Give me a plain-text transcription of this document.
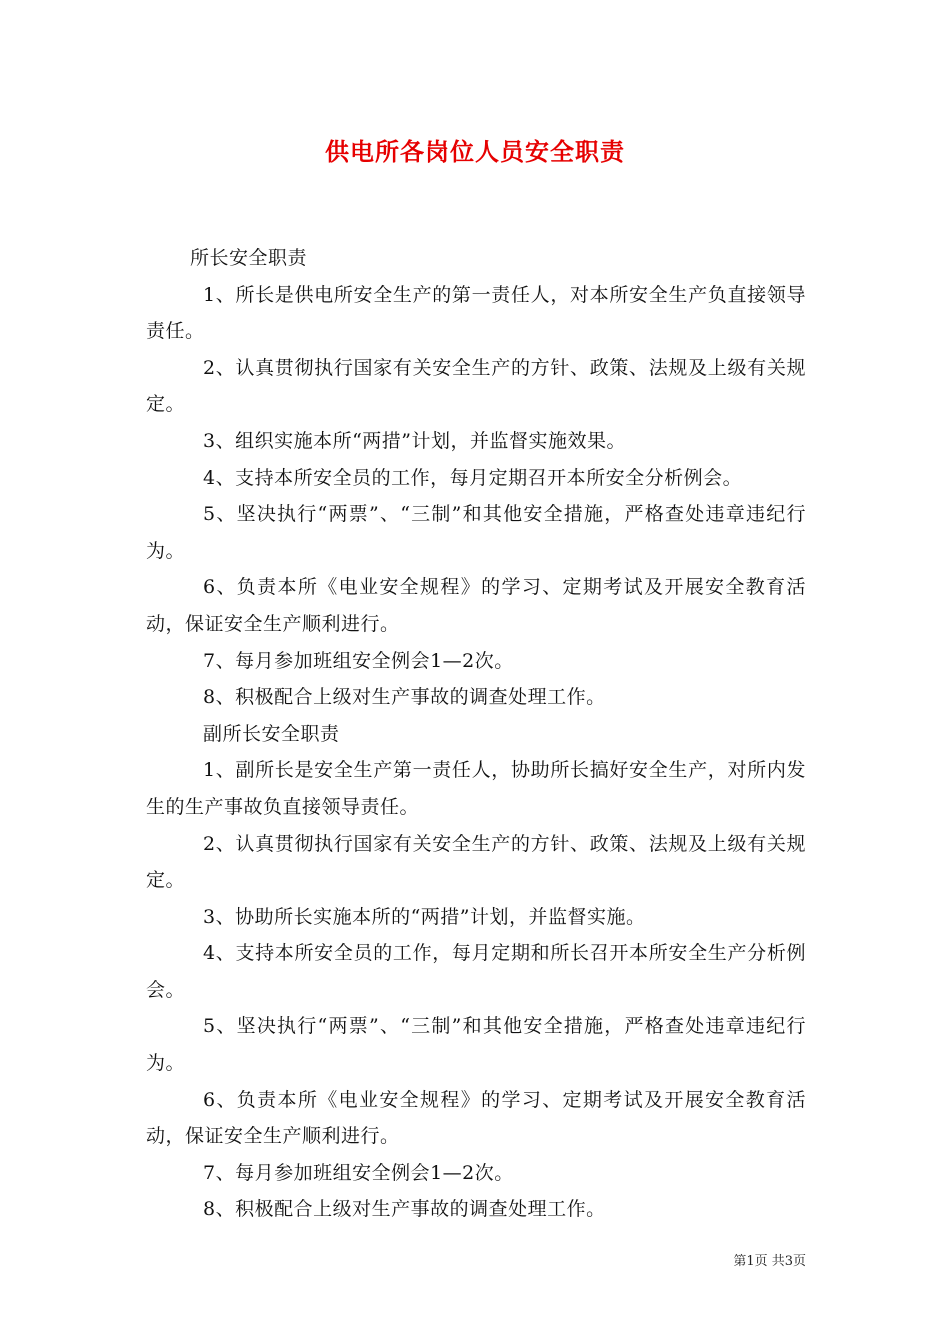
供电所各岗位人员安全职责

所长安全职责

1、所长是供电所安全生产的第一责任人，对本所安全生产负直接领导责任。

2、认真贯彻执行国家有关安全生产的方针、政策、法规及上级有关规定。

3、组织实施本所“两措”计划，并监督实施效果。

4、支持本所安全员的工作，每月定期召开本所安全分析例会。

5、坚决执行“两票”、“三制”和其他安全措施，严格查处违章违纪行为。

6、负责本所《电业安全规程》的学习、定期考试及开展安全教育活动，保证安全生产顺利进行。

7、每月参加班组安全例会1—2次。

8、积极配合上级对生产事故的调查处理工作。

副所长安全职责

1、副所长是安全生产第一责任人，协助所长搞好安全生产，对所内发生的生产事故负直接领导责任。

2、认真贯彻执行国家有关安全生产的方针、政策、法规及上级有关规定。

3、协助所长实施本所的“两措”计划，并监督实施。

4、支持本所安全员的工作，每月定期和所长召开本所安全生产分析例会。

5、坚决执行“两票”、“三制”和其他安全措施，严格查处违章违纪行为。

6、负责本所《电业安全规程》的学习、定期考试及开展安全教育活动，保证安全生产顺利进行。

7、每月参加班组安全例会1—2次。

8、积极配合上级对生产事故的调查处理工作。

第1页 共3页
